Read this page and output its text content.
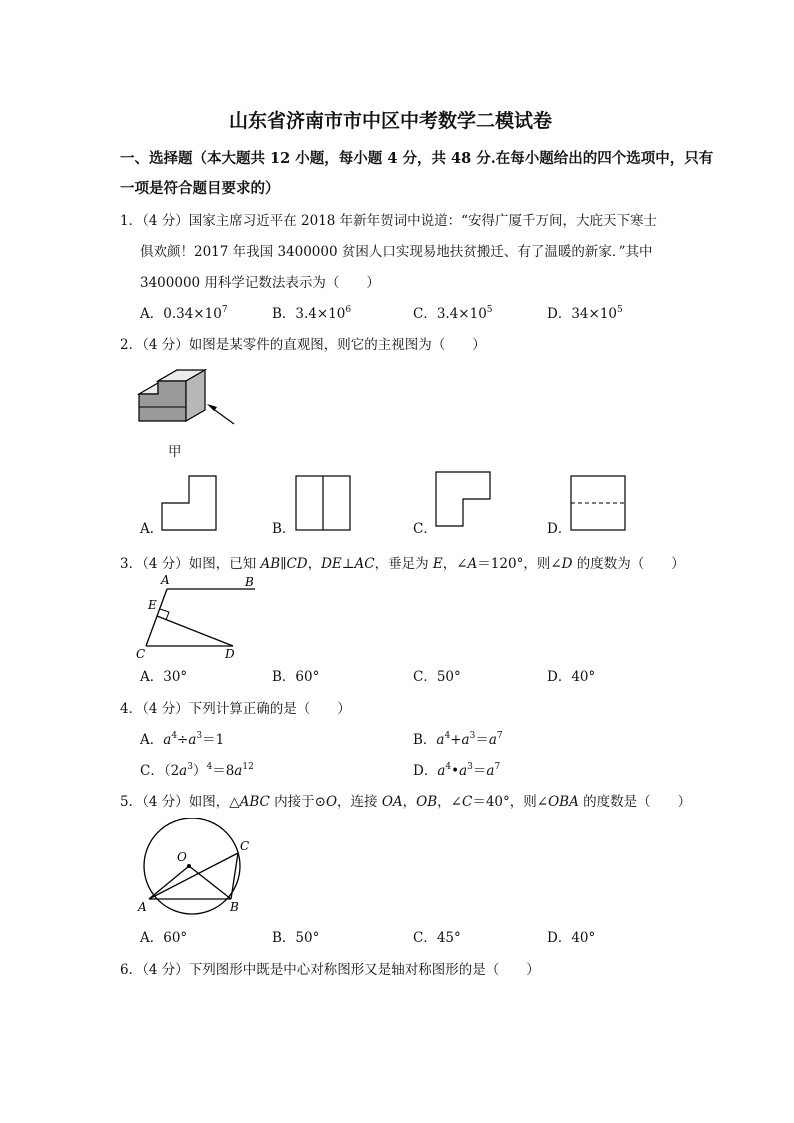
山东省济南市市中区中考数学二模试卷
一、选择题（本大题共 12 小题，每小题 4 分，共 48 分.在每小题给出的四个选项中，只有
一项是符合题目要求的）
1．（4 分）国家主席习近平在 2018 年新年贺词中说道：“安得广厦千万间，大庇天下寒士
俱欢颜！2017 年我国 3400000 贫困人口实现易地扶贫搬迁、有了温暖的新家．”其中
3400000 用科学记数法表示为（　　）
A．$0.34\times 10^7$	B．$3.4\times 10^6$	C．$3.4\times 10^5$	D．$34\times 10^5$
2．（4 分）如图是某零件的直观图，则它的主视图为（　　）
甲
A．	B．	C．	D．
3．（4 分）如图，已知 AB∥CD，DE⊥AC，垂足为 E，∠A＝120°，则∠D 的度数为（　　）
A	B
E
C	D
A．30°	B．60°	C．50°	D．40°
4．（4 分）下列计算正确的是（　　）
A．$a^4\div a^3=1$	B．$a^4+a^3=a^7$
C．$(2a^3)^4=8a^{12}$	D．$a^4•a^3=a^7$
5．（4 分）如图，△ABC 内接于⊙O，连接 OA，OB，∠C＝40°，则∠OBA 的度数是（　　）
O
A	B
C
A．60°	B．50°	C．45°	D．40°
6．（4 分）下列图形中既是中心对称图形又是轴对称图形的是（　　）
